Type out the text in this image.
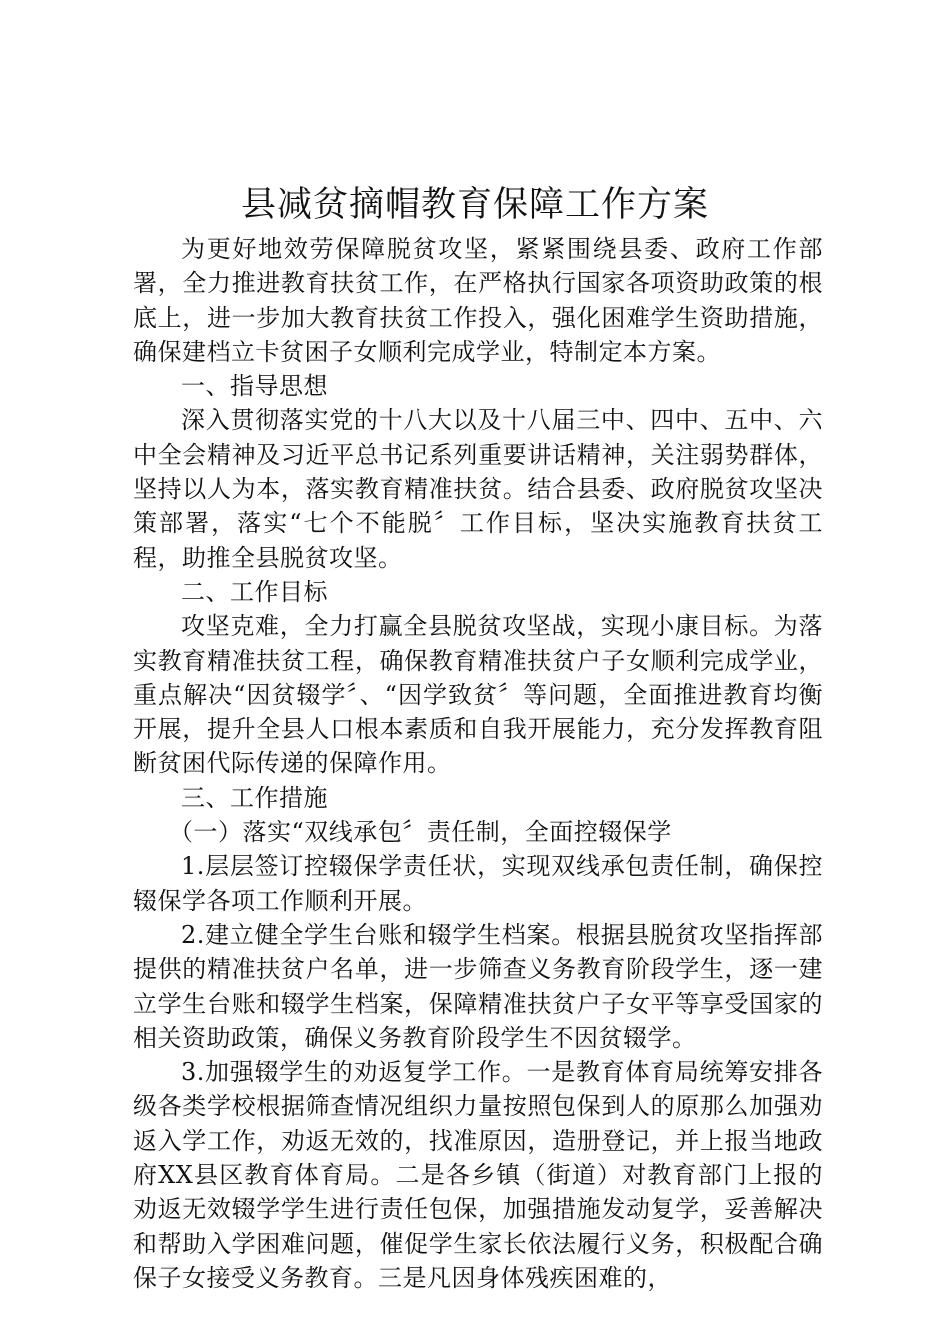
县减贫摘帽教育保障工作方案

为更好地效劳保障脱贫攻坚，紧紧围绕县委、政府工作部署，全力推进教育扶贫工作，在严格执行国家各项资助政策的根底上，进一步加大教育扶贫工作投入，强化困难学生资助措施，确保建档立卡贫困子女顺利完成学业，特制定本方案。

一、指导思想

深入贯彻落实党的十八大以及十八届三中、四中、五中、六中全会精神及习近平总书记系列重要讲话精神，关注弱势群体，坚持以人为本，落实教育精准扶贫。结合县委、政府脱贫攻坚决策部署，落实“七个不能脱〞工作目标，坚决实施教育扶贫工程，助推全县脱贫攻坚。

二、工作目标

攻坚克难，全力打赢全县脱贫攻坚战，实现小康目标。为落实教育精准扶贫工程，确保教育精准扶贫户子女顺利完成学业，重点解决“因贫辍学〞、“因学致贫〞等问题，全面推进教育均衡开展，提升全县人口根本素质和自我开展能力，充分发挥教育阻断贫困代际传递的保障作用。

三、工作措施

（一）落实“双线承包〞责任制，全面控辍保学

1.层层签订控辍保学责任状，实现双线承包责任制，确保控辍保学各项工作顺利开展。

2.建立健全学生台账和辍学生档案。根据县脱贫攻坚指挥部提供的精准扶贫户名单，进一步筛查义务教育阶段学生，逐一建立学生台账和辍学生档案，保障精准扶贫户子女平等享受国家的相关资助政策，确保义务教育阶段学生不因贫辍学。

3.加强辍学生的劝返复学工作。一是教育体育局统筹安排各级各类学校根据筛查情况组织力量按照包保到人的原那么加强劝返入学工作，劝返无效的，找准原因，造册登记，并上报当地政府XX县区教育体育局。二是各乡镇（街道）对教育部门上报的劝返无效辍学学生进行责任包保，加强措施发动复学，妥善解决和帮助入学困难问题，催促学生家长依法履行义务，积极配合确保子女接受义务教育。三是凡因身体残疾困难的，
